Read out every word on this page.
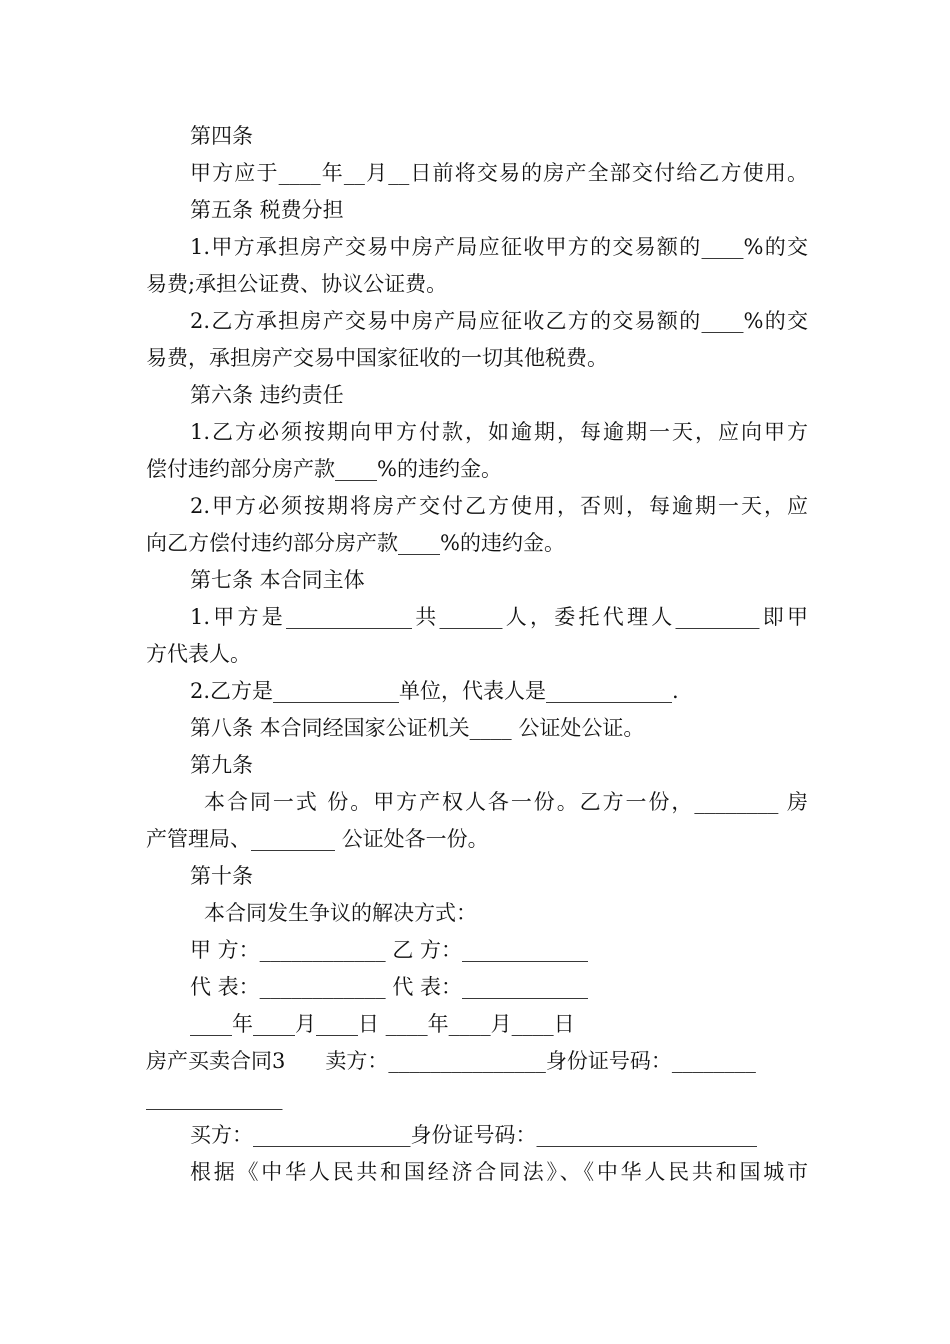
第四条

甲方应于____年__月__日前将交易的房产全部交付给乙方使用。

第五条 税费分担

1.甲方承担房产交易中房产局应征收甲方的交易额的____%的交

易费;承担公证费、协议公证费。

2.乙方承担房产交易中房产局应征收乙方的交易额的____%的交

易费，承担房产交易中国家征收的一切其他税费。

第六条 违约责任

1.乙方必须按期向甲方付款，如逾期，每逾期一天，应向甲方

偿付违约部分房产款____%的违约金。

2.甲方必须按期将房产交付乙方使用，否则，每逾期一天，应

向乙方偿付违约部分房产款____%的违约金。

第七条 本合同主体

1.甲方是____________共______人，委托代理人________即甲

方代表人。

2.乙方是____________单位，代表人是____________.

第八条 本合同经国家公证机关____ 公证处公证。

第九条

本合同一式 份。甲方产权人各一份。乙方一份，________ 房

产管理局、________ 公证处各一份。

第十条

本合同发生争议的解决方式：

甲 方：____________ 乙 方：____________

代 表：____________ 代 表：____________

____年____月____日 ____年____月____日

房产买卖合同3      卖方：_______________身份证号码：________

_____________

买方：_______________身份证号码：_____________________

根据《中华人民共和国经济合同法》、《中华人民共和国城市
